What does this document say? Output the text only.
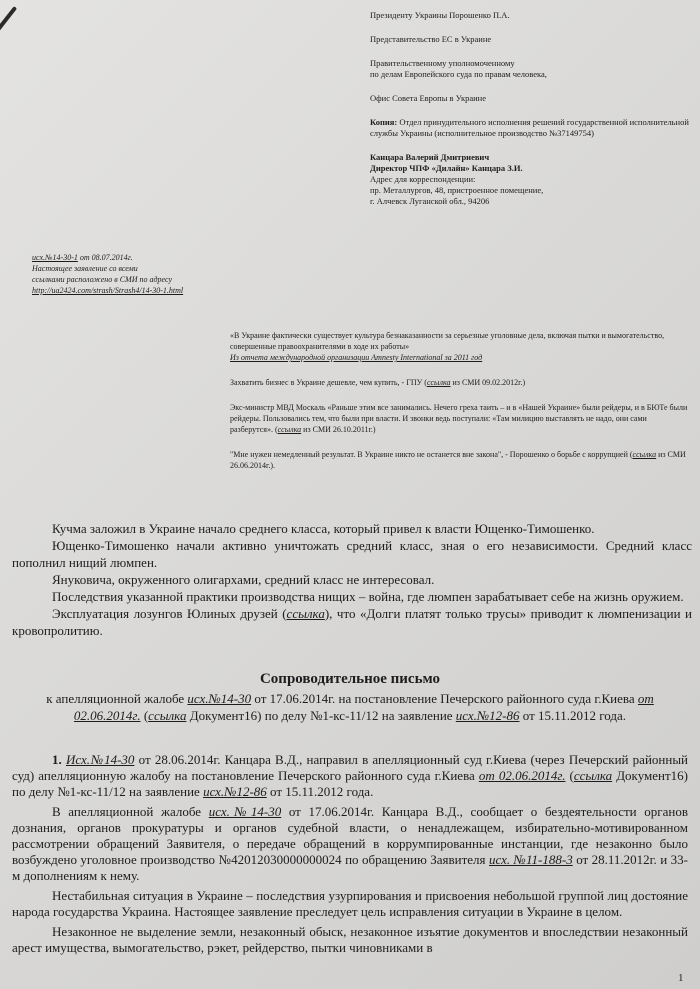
Президенту Украины Порошенко П.А.
Представительство ЕС в Украине
Правительственному уполномоченному
по делам Европейского суда по правам человека,
Офис Совета Европы в Украине
Копия: Отдел принудительного исполнения решений государственной исполнительной службы Украины (исполнительное производство №37149754)
Канцара Валерий Дмитриевич
Директор ЧПФ «Дилайн» Канцара З.И.
Адрес для корреспонденции:
пр. Металлургов, 48, пристроенное помещение,
г. Алчевск Луганской обл., 94206
исх.№14-30-1 от 08.07.2014г.
Настоящее заявление со всеми
ссылками расположено в СМИ по адресу
http://ua2424.com/strash/Strash4/14-30-1.html

«В Украине фактически существует культура безнаказанности за серьезные уголовные дела, включая пытки и вымогательство, совершенные правоохранителями в ходе их работы»
Из отчета международной организации Amnesty International за 2011 год

Захватить бизнес в Украине дешевле, чем купить, - ГПУ (ссылка из СМИ 09.02.2012г.)

Экс-министр МВД Москаль «Раньше этим все занимались. Нечего греха таить – и в «Нашей Украине» были рейдеры, и в БЮТе были рейдеры. Пользовались тем, что были при власти. И звонки ведь поступали: «Там милицию выставлять не надо, они сами разберутся». (ссылка из СМИ 26.10.2011г.)

"Мне нужен немедленный результат. В Украине никто не останется вне закона", - Порошенко о борьбе с коррупцией (ссылка из СМИ 26.06.2014г.).

Кучма заложил в Украине начало среднего класса, который привел к власти Ющенко-Тимошенко.

Ющенко-Тимошенко начали активно уничтожать средний класс, зная о его независимости. Средний класс пополнил нищий люмпен.

Януковича, окруженного олигархами, средний класс не интересовал.

Последствия указанной практики производства нищих – война, где люмпен зарабатывает себе на жизнь оружием.

Эксплуатация лозунгов Юлиных друзей (ссылка), что «Долги платят только трусы» приводит к люмпенизации и кровопролитию.

Сопроводительное письмо
к апелляционной жалобе исх.№14-30 от 17.06.2014г. на постановление Печерского районного суда г.Киева от 02.06.2014г. (ссылка Документ16) по делу №1-кс-11/12 на заявление исх.№12-86 от 15.11.2012 года.

1. Исх.№14-30 от 28.06.2014г. Канцара В.Д., направил в апелляционный суд г.Киева (через Печерский районный суд) апелляционную жалобу на постановление Печерского районного суда г.Киева от 02.06.2014г. (ссылка Документ16) по делу №1-кс-11/12 на заявление исх.№12-86 от 15.11.2012 года.

В апелляционной жалобе исх.№14-30 от 17.06.2014г. Канцара В.Д., сообщает о бездеятельности органов дознания, органов прокуратуры и органов судебной власти, о ненадлежащем, избирательно-мотивированном рассмотрении обращений Заявителя, о передаче обращений в коррумпированные инстанции, где незаконно было возбуждено уголовное производство №42012030000000024 по обращению Заявителя исх. №11-188-3 от 28.11.2012г. и 33-м дополнениям к нему.

Нестабильная ситуация в Украине – последствия узурпирования и присвоения небольшой группой лиц достояние народа государства Украина. Настоящее заявление преследует цель исправления ситуации в Украине в целом.

Незаконное не выделение земли, незаконный обыск, незаконное изъятие документов и впоследствии незаконный арест имущества, вымогательство, рэкет, рейдерство, пытки чиновниками в

1
